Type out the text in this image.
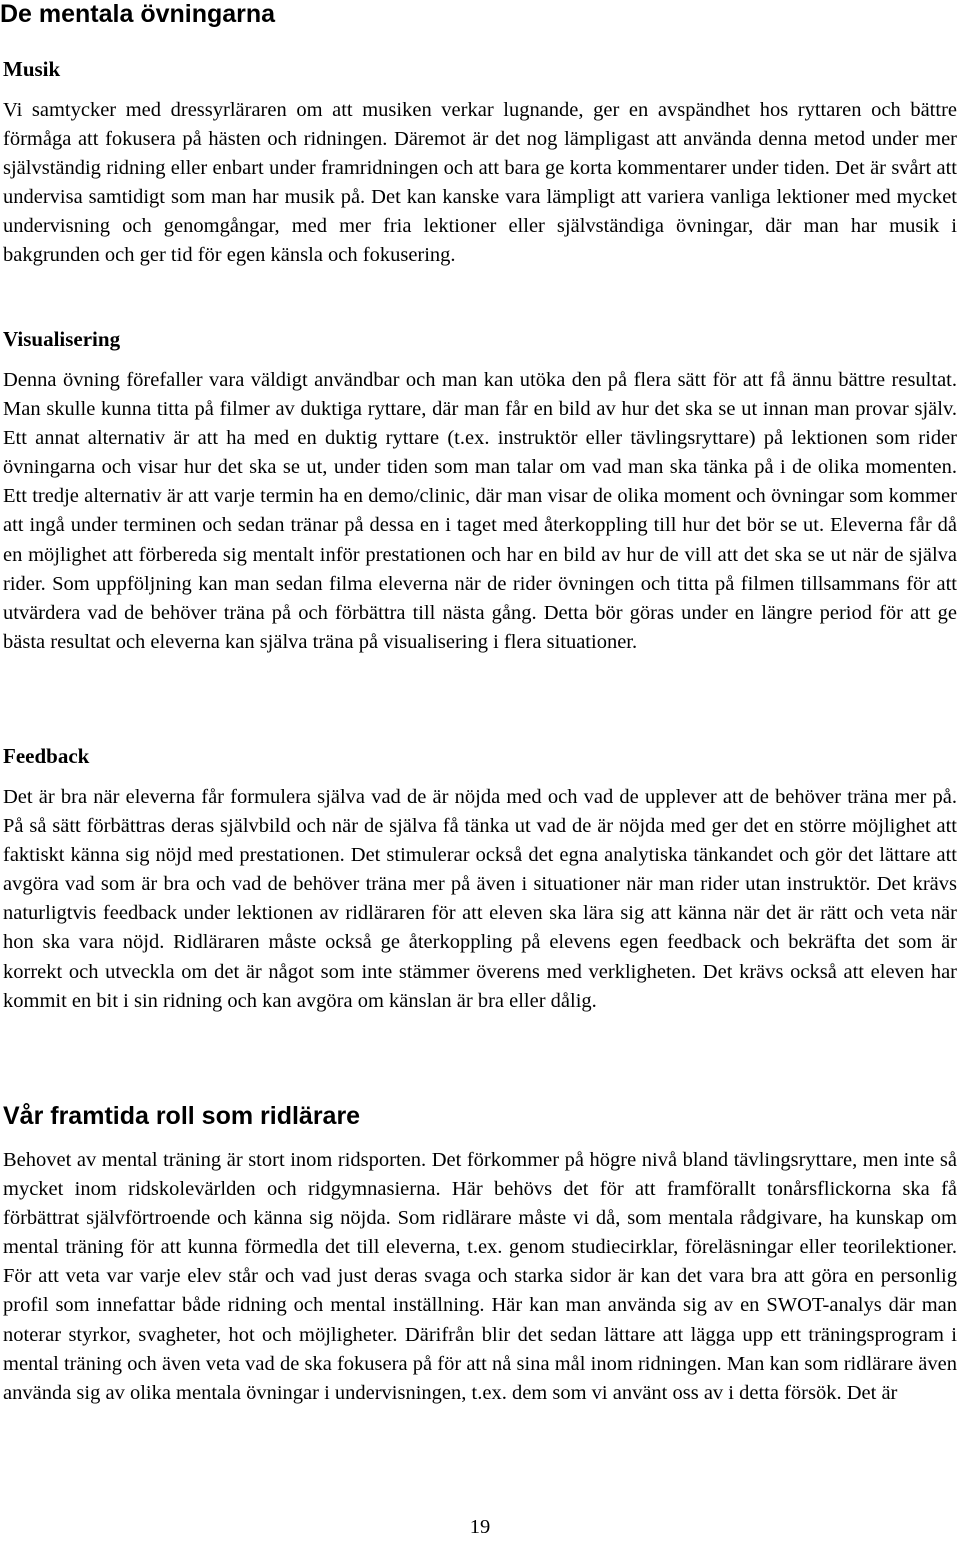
De mentala övningarna
Musik

Vi samtycker med dressyrläraren om att musiken verkar lugnande, ger en avspändhet hos ryttaren och bättre förmåga att fokusera på hästen och ridningen. Däremot är det nog lämpligast att använda denna metod under mer självständig ridning eller enbart under framridningen och att bara ge korta kommentarer under tiden. Det är svårt att undervisa samtidigt som man har musik på. Det kan kanske vara lämpligt att variera vanliga lektioner med mycket undervisning och genomgångar, med mer fria lektioner eller självständiga övningar, där man har musik i bakgrunden och ger tid för egen känsla och fokusering.

Visualisering

Denna övning förefaller vara väldigt användbar och man kan utöka den på flera sätt för att få ännu bättre resultat. Man skulle kunna titta på filmer av duktiga ryttare, där man får en bild av hur det ska se ut innan man provar själv. Ett annat alternativ är att ha med en duktig ryttare (t.ex. instruktör eller tävlingsryttare) på lektionen som rider övningarna och visar hur det ska se ut, under tiden som man talar om vad man ska tänka på i de olika momenten. Ett tredje alternativ är att varje termin ha en demo/clinic, där man visar de olika moment och övningar som kommer att ingå under terminen och sedan tränar på dessa en i taget med återkoppling till hur det bör se ut. Eleverna får då en möjlighet att förbereda sig mentalt inför prestationen och har en bild av hur de vill att det ska se ut när de själva rider. Som uppföljning kan man sedan filma eleverna när de rider övningen och titta på filmen tillsammans för att utvärdera vad de behöver träna på och förbättra till nästa gång. Detta bör göras under en längre period för att ge bästa resultat och eleverna kan själva träna på visualisering i flera situationer.

Feedback

Det är bra när eleverna får formulera själva vad de är nöjda med och vad de upplever att de behöver träna mer på. På så sätt förbättras deras självbild och när de själva få tänka ut vad de är nöjda med ger det en större möjlighet att faktiskt känna sig nöjd med prestationen. Det stimulerar också det egna analytiska tänkandet och gör det lättare att avgöra vad som är bra och vad de behöver träna mer på även i situationer när man rider utan instruktör. Det krävs naturligtvis feedback under lektionen av ridläraren för att eleven ska lära sig att känna när det är rätt och veta när hon ska vara nöjd. Ridläraren måste också ge återkoppling på elevens egen feedback och bekräfta det som är korrekt och utveckla om det är något som inte stämmer överens med verkligheten. Det krävs också att eleven har kommit en bit i sin ridning och kan avgöra om känslan är bra eller dålig.

Vår framtida roll som ridlärare

Behovet av mental träning är stort inom ridsporten. Det förkommer på högre nivå bland tävlingsryttare, men inte så mycket inom ridskolevärlden och ridgymnasierna. Här behövs det för att framförallt tonårsflickorna ska få förbättrat självförtroende och känna sig nöjda. Som ridlärare måste vi då, som mentala rådgivare, ha kunskap om mental träning för att kunna förmedla det till eleverna, t.ex. genom studiecirklar, föreläsningar eller teorilektioner. För att veta var varje elev står och vad just deras svaga och starka sidor är kan det vara bra att göra en personlig profil som innefattar både ridning och mental inställning. Här kan man använda sig av en SWOT-analys där man noterar styrkor, svagheter, hot och möjligheter. Därifrån blir det sedan lättare att lägga upp ett träningsprogram i mental träning och även veta vad de ska fokusera på för att nå sina mål inom ridningen. Man kan som ridlärare även använda sig av olika mentala övningar i undervisningen, t.ex. dem som vi använt oss av i detta försök. Det är

19
